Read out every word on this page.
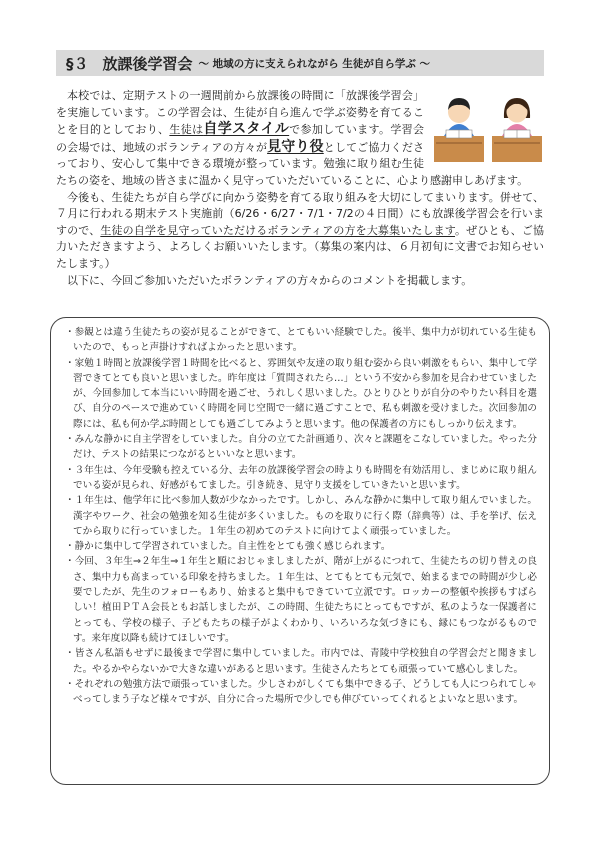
§３ 放課後学習会 ～ 地域の方に支えられながら 生徒が自ら学ぶ ～

本校では、定期テストの一週間前から放課後の時間に「放課後学習会」を実施しています。この学習会は、生徒が自ら進んで学ぶ姿勢を育てることを目的としており、生徒は自学スタイルで参加しています。学習会の会場では、地域のボランティアの方々が見守り役としてご協力くださっており、安心して集中できる環境が整っています。勉強に取り組む生徒たちの姿を、地域の皆さまに温かく見守っていただいていることに、心より感謝申しあげます。

今後も、生徒たちが自ら学びに向かう姿勢を育てる取り組みを大切にしてまいります。併せて、７月に行われる期末テスト実施前（6/26・6/27・7/1・7/2の４日間）にも放課後学習会を行いますので、生徒の自学を見守っていただけるボランティアの方を大募集いたします。ぜひとも、ご協力いただきますよう、よろしくお願いいたします。（募集の案内は、６月初旬に文書でお知らせいたします。）

以下に、今回ご参加いただいたボランティアの方々からのコメントを掲載します。

・参観とは違う生徒たちの姿が見ることができて、とてもいい経験でした。後半、集中力が切れている生徒もいたので、もっと声掛けすればよかったと思います。
・家勉１時間と放課後学習１時間を比べると、雰囲気や友達の取り組む姿から良い刺激をもらい、集中して学習できてとても良いと思いました。昨年度は「質問されたら…」という不安から参加を見合わせていましたが、今回参加して本当にいい時間を過ごせ、うれしく思いました。ひとりひとりが自分のやりたい科目を選び、自分のペースで進めていく時間を同じ空間で一緒に過ごすことで、私も刺激を受けました。次回参加の際には、私も何か学ぶ時間としても過ごしてみようと思います。他の保護者の方にもしっかり伝えます。
・みんな静かに自主学習をしていました。自分の立てた計画通り、次々と課題をこなしていました。やった分だけ、テストの結果につながるといいなと思います。
・３年生は、今年受験も控えている分、去年の放課後学習会の時よりも時間を有効活用し、まじめに取り組んでいる姿が見られ、好感がもてました。引き続き、見守り支援をしていきたいと思います。
・１年生は、他学年に比べ参加人数が少なかったです。しかし、みんな静かに集中して取り組んでいました。漢字やワーク、社会の勉強を知る生徒が多くいました。ものを取りに行く際（辞典等）は、手を挙げ、伝えてから取りに行っていました。１年生の初めてのテストに向けてよく頑張っていました。
・静かに集中して学習されていました。自主性をとても強く感じられます。
・今回、３年生⇒２年生⇒１年生と順におじゃましましたが、階が上がるにつれて、生徒たちの切り替えの良さ、集中力も高まっている印象を持ちました。１年生は、とてもとても元気で、始まるまでの時間が少し必要でしたが、先生のフォローもあり、始まると集中もできていて立派です。ロッカーの整頓や挨拶もすばらしい！植田ＰＴＡ会長ともお話しましたが、この時間、生徒たちにとってもですが、私のような一保護者にとっても、学校の様子、子どもたちの様子がよくわかり、いろいろな気づきにも、縁にもつながるものです。来年度以降も続けてほしいです。
・皆さん私語もせずに最後まで学習に集中していました。市内では、青陵中学校独自の学習会だと聞きました。やるかやらないかで大きな違いがあると思います。生徒さんたちとても頑張っていて感心しました。
・それぞれの勉強方法で頑張っていました。少しさわがしくても集中できる子、どうしても人につられてしゃべってしまう子など様々ですが、自分に合った場所で少しでも伸びていってくれるとよいなと思います。
